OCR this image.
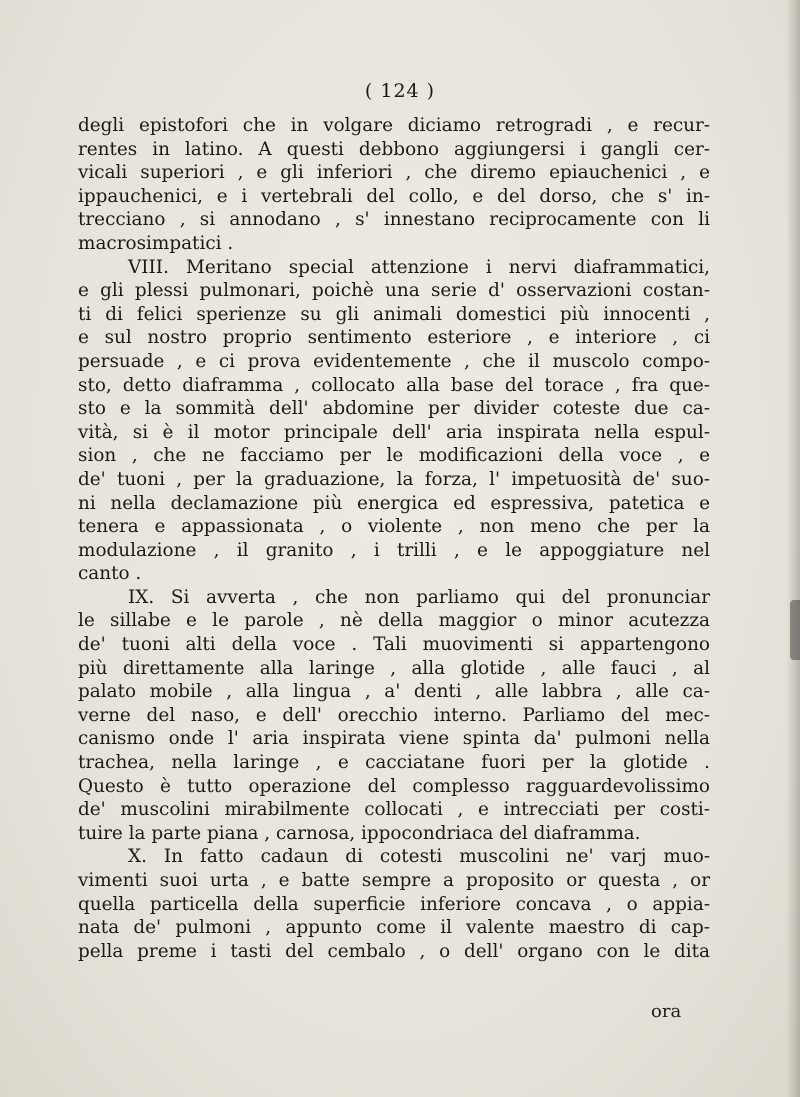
( 124 )
degli epistofori che in volgare diciamo retrogradi , e recur-
rentes in latino. A questi debbono aggiungersi i gangli cer-
vicali superiori , e gli inferiori , che diremo epiauchenici , e
ippauchenici, e i vertebrali del collo, e del dorso, che s' in-
trecciano , si annodano , s' innestano reciprocamente con li
macrosimpatici .
VIII. Meritano special attenzione i nervi diaframmatici,
e gli plessi pulmonari, poichè una serie d' osservazioni costan-
ti di felici sperienze su gli animali domestici più innocenti ,
e sul nostro proprio sentimento esteriore , e interiore , ci
persuade , e ci prova evidentemente , che il muscolo compo-
sto, detto diaframma , collocato alla base del torace , fra que-
sto e la sommità dell' abdomine per divider coteste due ca-
vità, si è il motor principale dell' aria inspirata nella espul-
sion , che ne facciamo per le modificazioni della voce , e
de' tuoni , per la graduazione, la forza, l' impetuosità de' suo-
ni nella declamazione più energica ed espressiva, patetica e
tenera e appassionata , o violente , non meno che per la
modulazione , il granito , i trilli , e le appoggiature nel
canto .
IX. Si avverta , che non parliamo qui del pronunciar
le sillabe e le parole , nè della maggior o minor acutezza
de' tuoni alti della voce . Tali muovimenti si appartengono
più direttamente alla laringe , alla glotide , alle fauci , al
palato mobile , alla lingua , a' denti , alle labbra , alle ca-
verne del naso, e dell' orecchio interno. Parliamo del mec-
canismo onde l' aria inspirata viene spinta da' pulmoni nella
trachea, nella laringe , e cacciatane fuori per la glotide .
Questo è tutto operazione del complesso ragguardevolissimo
de' muscolini mirabilmente collocati , e intrecciati per costi-
tuire la parte piana , carnosa, ippocondriaca del diaframma.
X. In fatto cadaun di cotesti muscolini ne' varj muo-
vimenti suoi urta , e batte sempre a proposito or questa , or
quella particella della superficie inferiore concava , o appia-
nata de' pulmoni , appunto come il valente maestro di cap-
pella preme i tasti del cembalo , o dell' organo con le dita
ora
